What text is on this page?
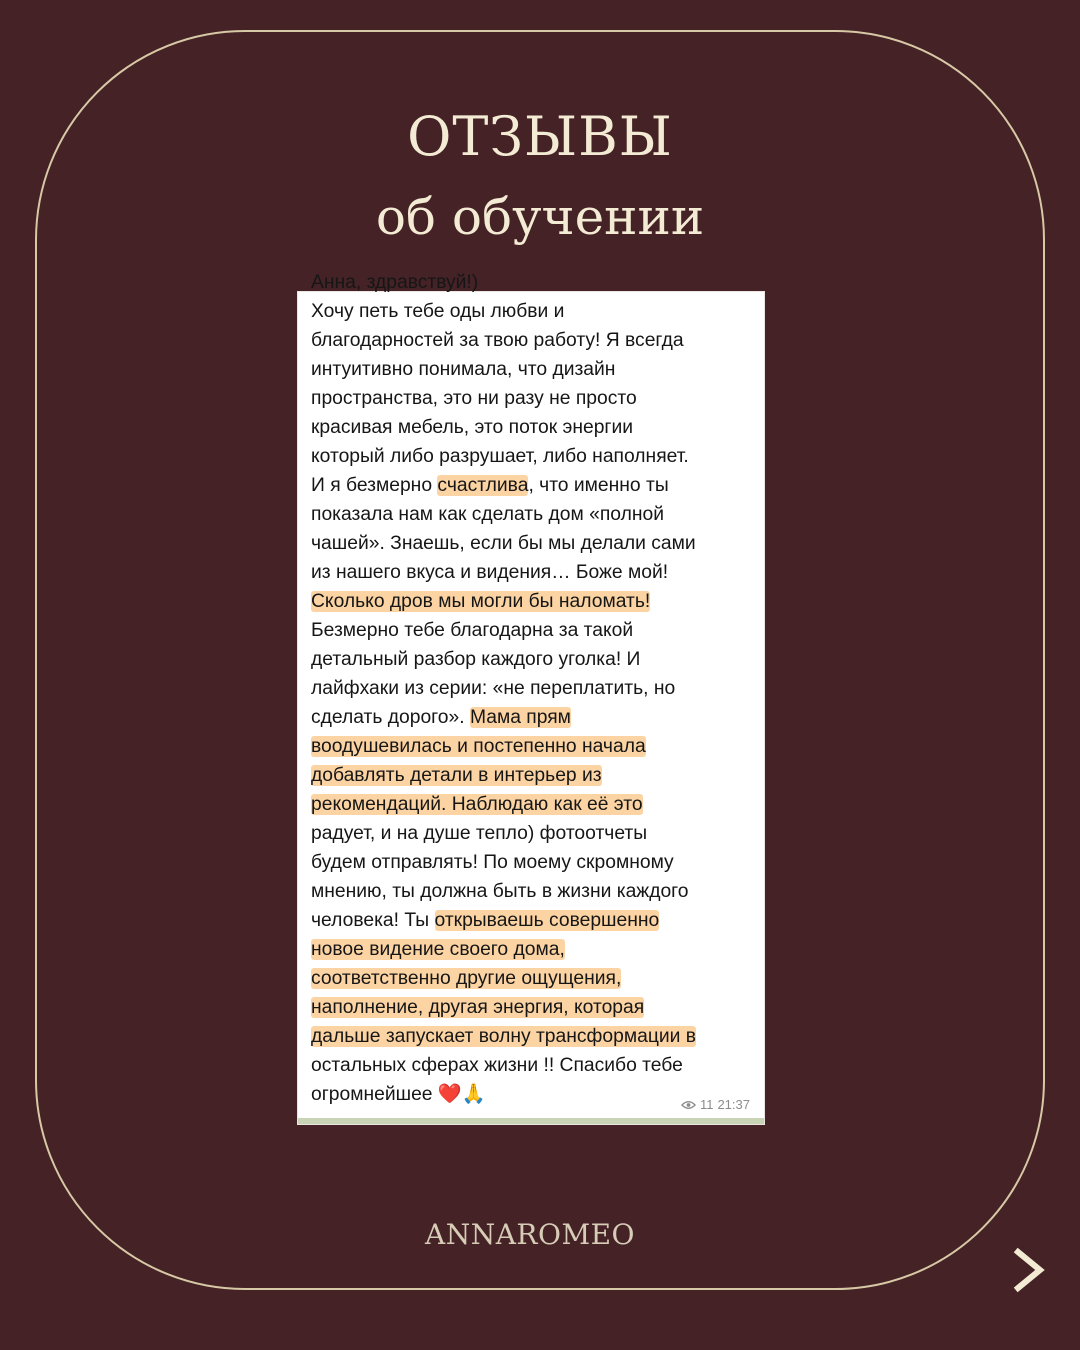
ОТЗЫВЫ
об обучении
Анна, здравствуй!)
Хочу петь тебе оды любви и
благодарностей за твою работу! Я всегда
интуитивно понимала, что дизайн
пространства, это ни разу не просто
красивая мебель, это поток энергии
который либо разрушает, либо наполняет.
И я безмерно счастлива, что именно ты
показала нам как сделать дом «полной
чашей». Знаешь, если бы мы делали сами
из нашего вкуса и видения… Боже мой!
Сколько дров мы могли бы наломать!
Безмерно тебе благодарна за такой
детальный разбор каждого уголка! И
лайфхаки из серии: «не переплатить, но
сделать дорого». Мама прям
воодушевилась и постепенно начала
добавлять детали в интерьер из
рекомендаций. Наблюдаю как её это
радует, и на душе тепло) фотоотчеты
будем отправлять! По моему скромному
мнению, ты должна быть в жизни каждого
человека! Ты открываешь совершенно
новое видение своего дома,
соответственно другие ощущения,
наполнение, другая энергия, которая
дальше запускает волну трансформации в
остальных сферах жизни !! Спасибо тебе
огромнейшее ❤️🙏	11 21:37
ANNAROMEO
